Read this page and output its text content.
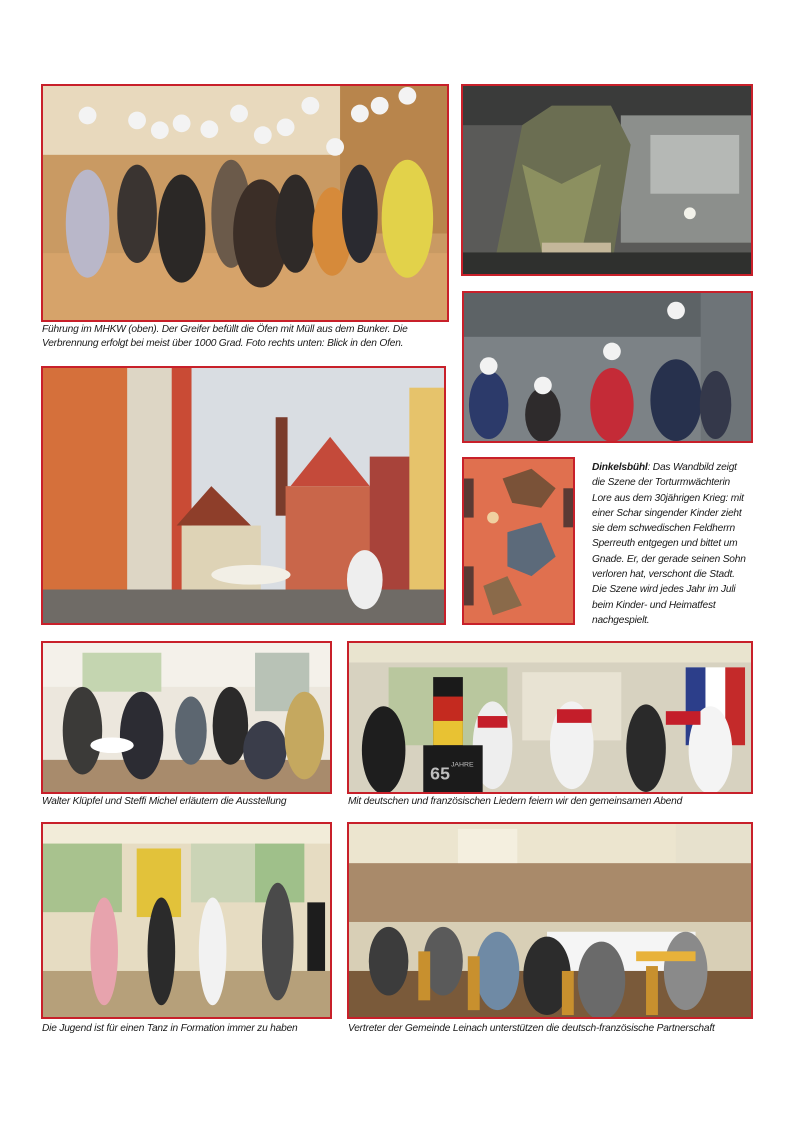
Führung im MHKW (oben). Der Greifer befüllt die Öfen mit Müll aus dem Bunker. Die Verbrennung erfolgt bei meist über 1000 Grad. Foto rechts unten: Blick in den Ofen.
Dinkelsbühl: Das Wandbild zeigt die Szene der Torturmwächterin Lore aus dem 30jährigen Krieg: mit einer Schar singender Kinder zieht sie dem schwedischen Feldherrn Sperreuth entgegen und bittet um Gnade. Er, der gerade seinen Sohn verloren hat, verschont die Stadt. Die Szene wird jedes Jahr im Juli beim Kinder- und Heimatfest nachgespielt.
65 JAHRE
Walter Klüpfel und Steffi Michel erläutern die Ausstellung	Mit deutschen und französischen Liedern feiern wir den gemeinsamen Abend
Die Jugend ist für einen Tanz in Formation immer zu haben	Vertreter der Gemeinde Leinach unterstützen die deutsch-französische Partnerschaft
